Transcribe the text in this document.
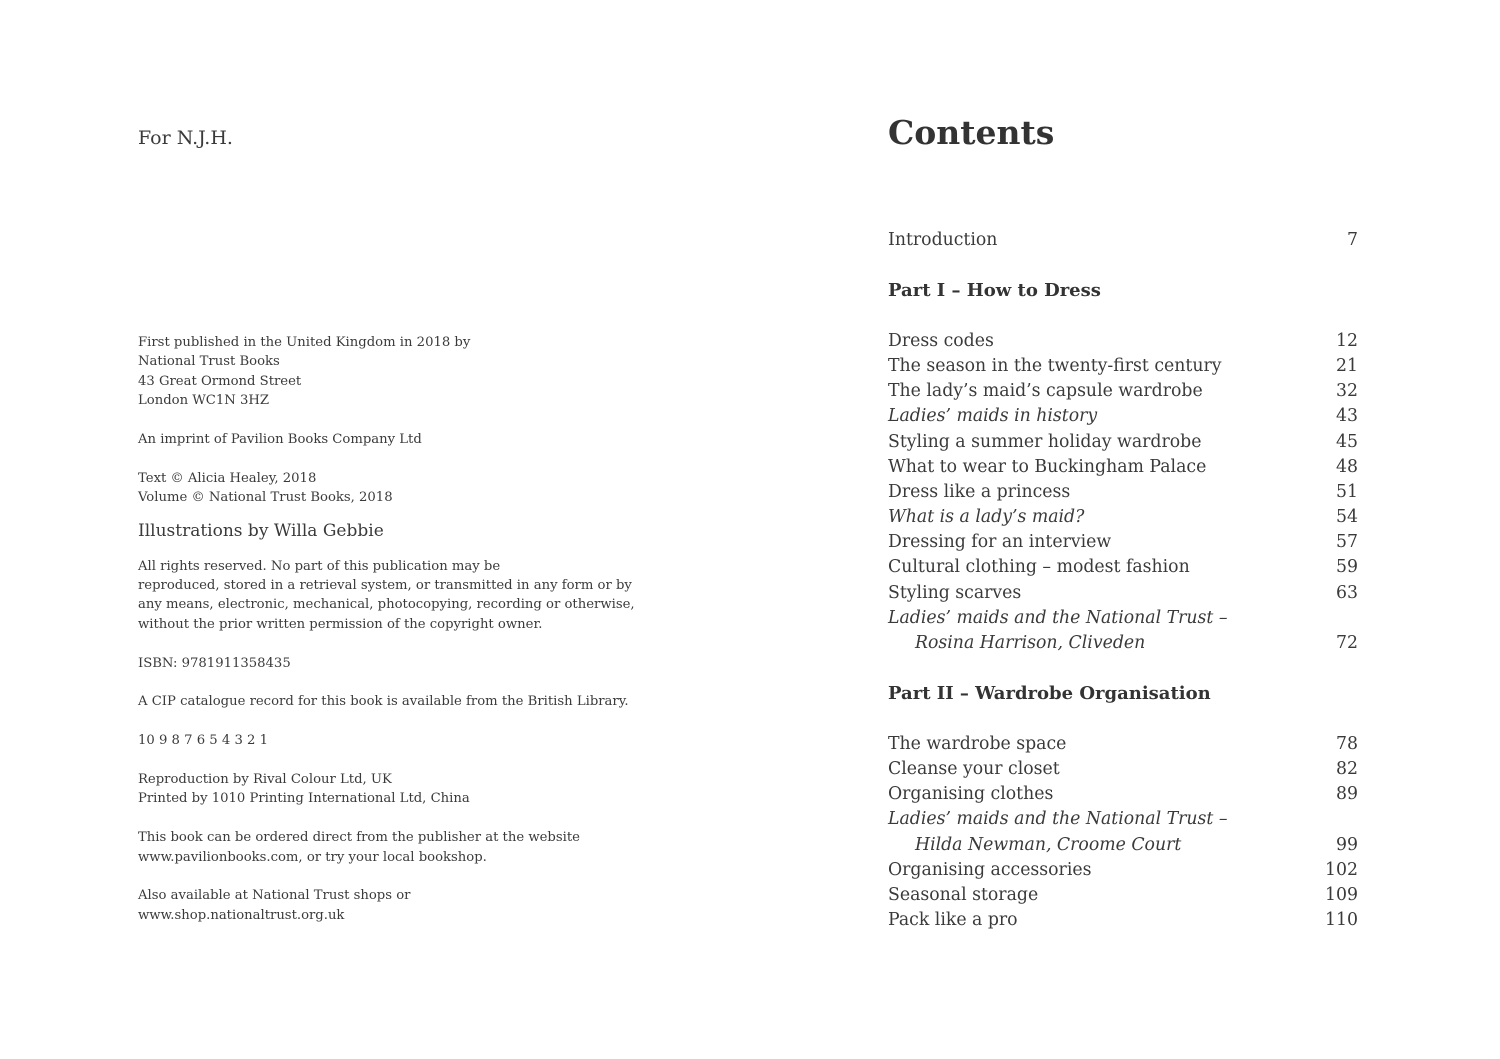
For N.J.H.

First published in the United Kingdom in 2018 by
National Trust Books
43 Great Ormond Street
London WC1N 3HZ
An imprint of Pavilion Books Company Ltd
Text © Alicia Healey, 2018
Volume © National Trust Books, 2018
Illustrations by Willa Gebbie
All rights reserved. No part of this publication may be
reproduced, stored in a retrieval system, or transmitted in any form or by
any means, electronic, mechanical, photocopying, recording or otherwise,
without the prior written permission of the copyright owner.
ISBN: 9781911358435
A CIP catalogue record for this book is available from the British Library.
10 9 8 7 6 5 4 3 2 1
Reproduction by Rival Colour Ltd, UK
Printed by 1010 Printing International Ltd, China
This book can be ordered direct from the publisher at the website
www.pavilionbooks.com, or try your local bookshop.
Also available at National Trust shops or
www.shop.nationaltrust.org.uk
Contents
Introduction	7
Part I – How to Dress
Dress codes	12
The season in the twenty-first century	21
The lady’s maid’s capsule wardrobe	32
Ladies’ maids in history	43
Styling a summer holiday wardrobe	45
What to wear to Buckingham Palace	48
Dress like a princess	51
What is a lady’s maid?	54
Dressing for an interview	57
Cultural clothing – modest fashion	59
Styling scarves	63
Ladies’ maids and the National Trust –
Rosina Harrison, Cliveden	72
Part II – Wardrobe Organisation
The wardrobe space	78
Cleanse your closet	82
Organising clothes	89
Ladies’ maids and the National Trust –
Hilda Newman, Croome Court	99
Organising accessories	102
Seasonal storage	109
Pack like a pro	110
